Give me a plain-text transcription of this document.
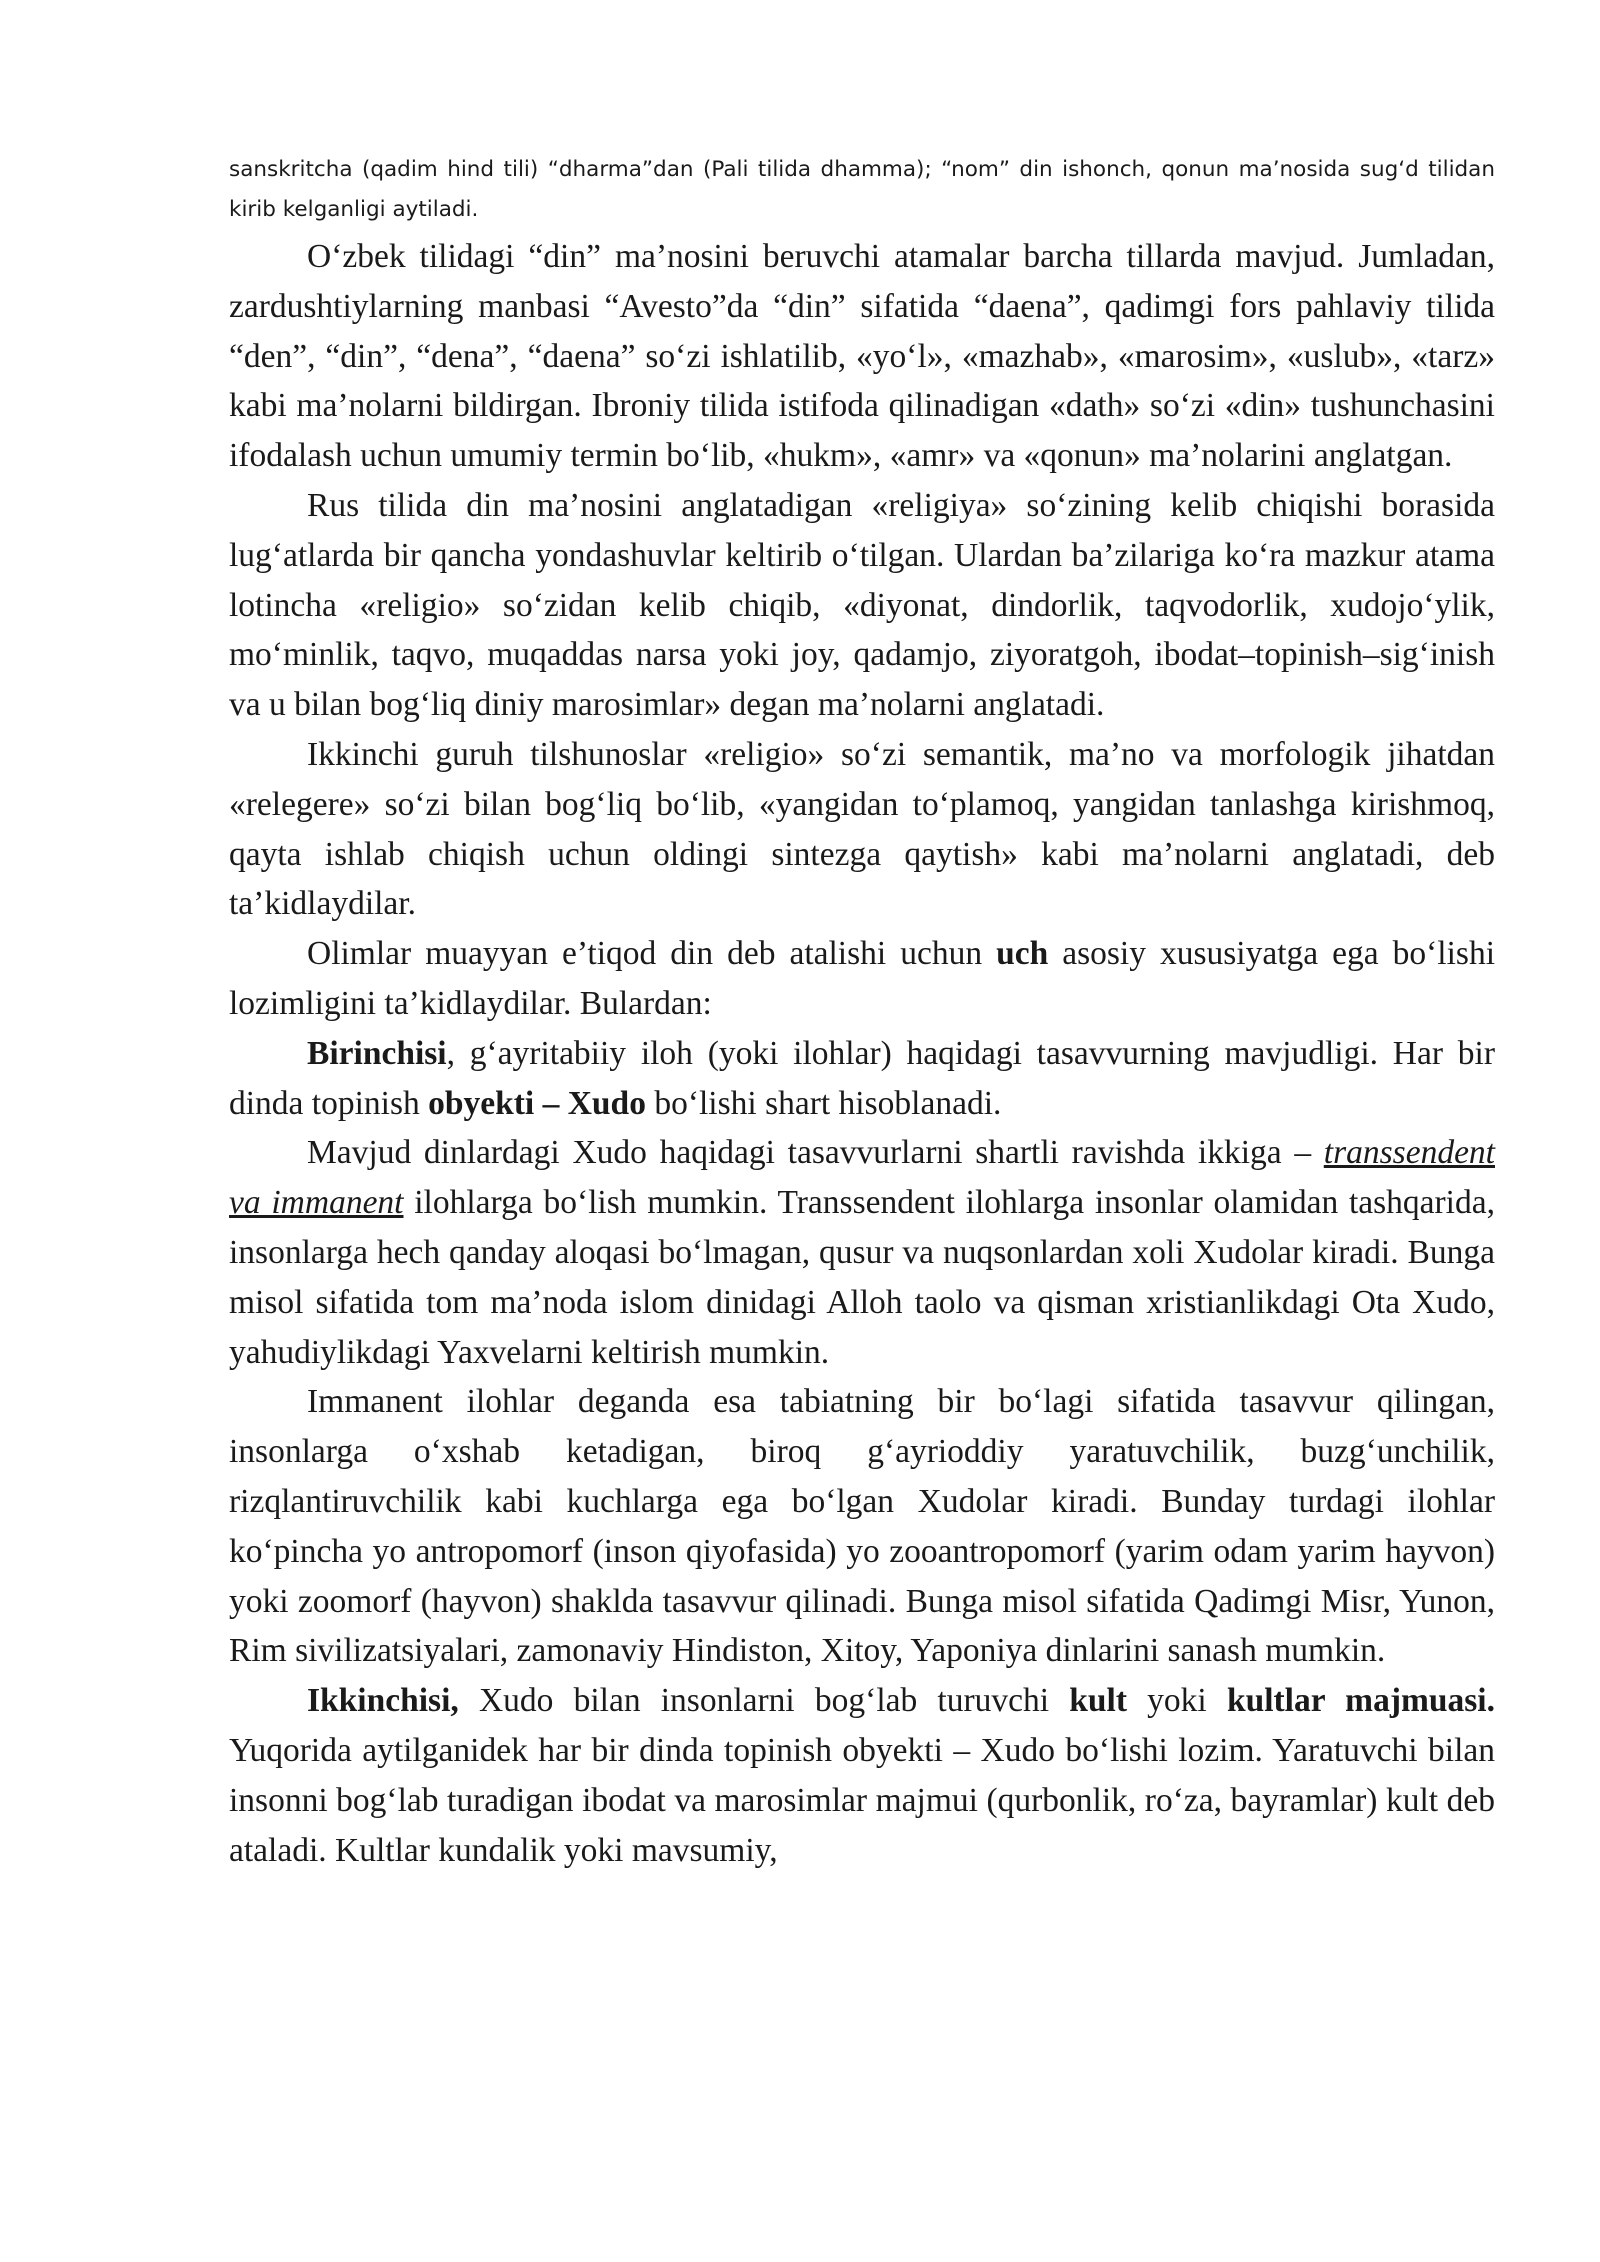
sanskritcha (qadim hind tili) “dharma”dan (Pali tilida dhamma); “nom” din ishonch, qonun ma’nosida sug‘d tilidan kirib kelganligi aytiladi.

O‘zbek tilidagi “din” ma’nosini beruvchi atamalar barcha tillarda mavjud. Jumladan, zardushtiylarning manbasi “Avesto”da “din” sifatida “daena”, qadimgi fors pahlaviy tilida “den”, “din”, “dena”, “daena” so‘zi ishlatilib, «yo‘l», «mazhab», «marosim», «uslub», «tarz» kabi ma’nolarni bildirgan. Ibroniy tilida istifoda qilinadigan «dath» so‘zi «din» tushunchasini ifodalash uchun umumiy termin bo‘lib, «hukm», «amr» va «qonun» ma’nolarini anglatgan.

Rus tilida din ma’nosini anglatadigan «religiya» so‘zining kelib chiqishi borasida lug‘atlarda bir qancha yondashuvlar keltirib o‘tilgan. Ulardan ba’zilariga ko‘ra mazkur atama lotincha «religio» so‘zidan kelib chiqib, «diyonat, dindorlik, taqvodorlik, xudojo‘ylik, mo‘minlik, taqvo, muqaddas narsa yoki joy, qadamjo, ziyoratgoh, ibodat–topinish–sig‘inish va u bilan bog‘liq diniy marosimlar» degan ma’nolarni anglatadi.

Ikkinchi guruh tilshunoslar «religio» so‘zi semantik, ma’no va morfologik jihatdan «relegere» so‘zi bilan bog‘liq bo‘lib, «yangidan to‘plamoq, yangidan tanlashga kirishmoq, qayta ishlab chiqish uchun oldingi sintezga qaytish» kabi ma’nolarni anglatadi, deb ta’kidlaydilar.

Olimlar muayyan e’tiqod din deb atalishi uchun uch asosiy xususiyatga ega bo‘lishi lozimligini ta’kidlaydilar. Bulardan:

Birinchisi, g‘ayritabiiy iloh (yoki ilohlar) haqidagi tasavvurning mavjudligi. Har bir dinda topinish obyekti – Xudo bo‘lishi shart hisoblanadi.

Mavjud dinlardagi Xudo haqidagi tasavvurlarni shartli ravishda ikkiga – transsendent va immanent ilohlarga bo‘lish mumkin. Transsendent ilohlarga insonlar olamidan tashqarida, insonlarga hech qanday aloqasi bo‘lmagan, qusur va nuqsonlardan xoli Xudolar kiradi. Bunga misol sifatida tom ma’noda islom dinidagi Alloh taolo va qisman xristianlikdagi Ota Xudo, yahudiylikdagi Yaxvelarni keltirish mumkin.

Immanent ilohlar deganda esa tabiatning bir bo‘lagi sifatida tasavvur qilingan, insonlarga o‘xshab ketadigan, biroq g‘ayrioddiy yaratuvchilik, buzg‘unchilik, rizqlantiruvchilik kabi kuchlarga ega bo‘lgan Xudolar kiradi. Bunday turdagi ilohlar ko‘pincha yo antropomorf (inson qiyofasida) yo zooantropomorf (yarim odam yarim hayvon) yoki zoomorf (hayvon) shaklda tasavvur qilinadi. Bunga misol sifatida Qadimgi Misr, Yunon, Rim sivilizatsiyalari, zamonaviy Hindiston, Xitoy, Yaponiya dinlarini sanash mumkin.

Ikkinchisi, Xudo bilan insonlarni bog‘lab turuvchi kult yoki kultlar majmuasi. Yuqorida aytilganidek har bir dinda topinish obyekti – Xudo bo‘lishi lozim. Yaratuvchi bilan insonni bog‘lab turadigan ibodat va marosimlar majmui (qurbonlik, ro‘za, bayramlar) kult deb ataladi. Kultlar kundalik yoki mavsumiy,
